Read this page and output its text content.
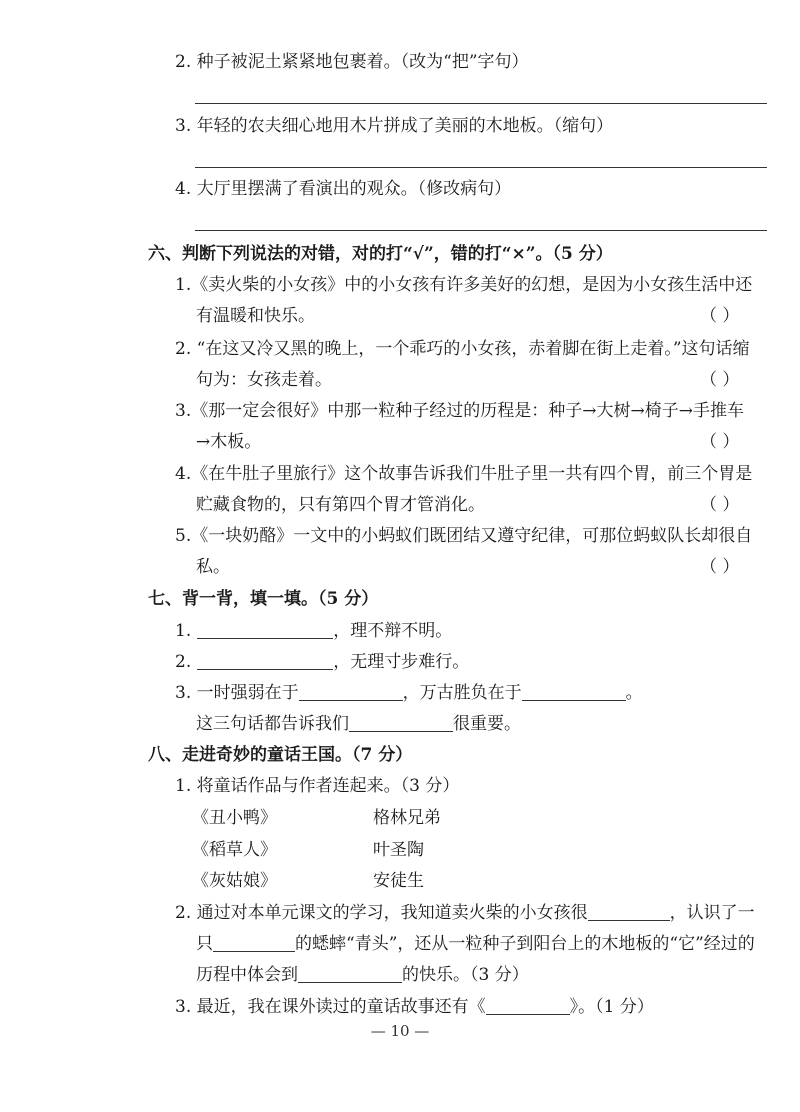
2. 种子被泥土紧紧地包裹着。（改为“把”字句）
3. 年轻的农夫细心地用木片拼成了美丽的木地板。（缩句）
4. 大厅里摆满了看演出的观众。（修改病句）
六、判断下列说法的对错，对的打“√”，错的打“×”。（5 分）
1.《卖火柴的小女孩》中的小女孩有许多美好的幻想，是因为小女孩生活中还
有温暖和快乐。	（ ）
2. “在这又冷又黑的晚上，一个乖巧的小女孩，赤着脚在街上走着。”这句话缩
句为：女孩走着。	（ ）
3.《那一定会很好》中那一粒种子经过的历程是：种子→大树→椅子→手推车
→木板。	（ ）
4.《在牛肚子里旅行》这个故事告诉我们牛肚子里一共有四个胃，前三个胃是
贮藏食物的，只有第四个胃才管消化。	（ ）
5.《一块奶酪》一文中的小蚂蚁们既团结又遵守纪律，可那位蚂蚁队长却很自
私。	（ ）
七、背一背，填一填。（5 分）
1.	，理不辩不明。
2.	，无理寸步难行。
3. 一时强弱在于	，万古胜负在于	。
这三句话都告诉我们	很重要。
八、走进奇妙的童话王国。（7 分）
1. 将童话作品与作者连起来。（3 分）
《丑小鸭》	格林兄弟
《稻草人》	叶圣陶
《灰姑娘》	安徒生
2. 通过对本单元课文的学习，我知道卖火柴的小女孩很	，认识了一
只	的蟋蟀“青头”，还从一粒种子到阳台上的木地板的“它”经过的
历程中体会到	的快乐。（3 分）
3. 最近，我在课外读过的童话故事还有《	》。（1 分）
— 10 —
